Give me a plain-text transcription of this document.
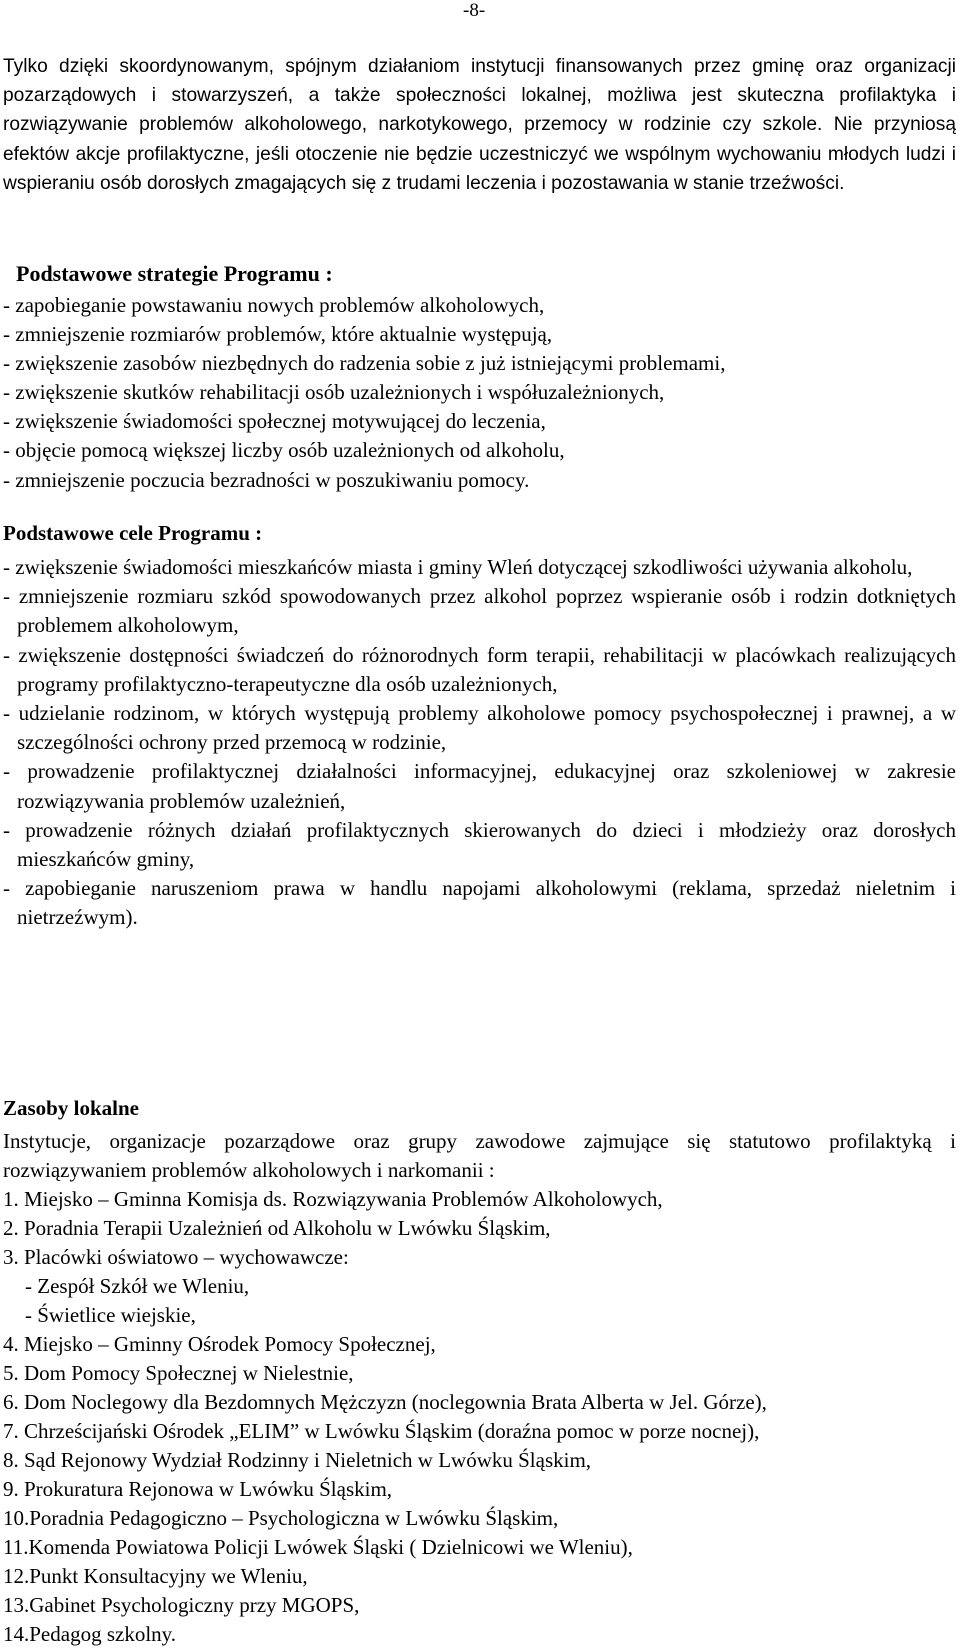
-8-

Tylko dzięki skoordynowanym, spójnym działaniom instytucji finansowanych przez gminę oraz organizacji pozarządowych i stowarzyszeń, a także społeczności lokalnej, możliwa jest skuteczna profilaktyka i rozwiązywanie problemów alkoholowego, narkotykowego, przemocy w rodzinie czy szkole. Nie przyniosą efektów akcje profilaktyczne, jeśli otoczenie nie będzie uczestniczyć we wspólnym wychowaniu młodych ludzi i wspieraniu osób dorosłych zmagających się z trudami leczenia i pozostawania w stanie trzeźwości.

Podstawowe strategie Programu :
- zapobieganie powstawaniu nowych problemów alkoholowych,
- zmniejszenie rozmiarów problemów, które aktualnie występują,
- zwiększenie zasobów niezbędnych do radzenia sobie z już istniejącymi problemami,
- zwiększenie skutków rehabilitacji osób uzależnionych i współuzależnionych,
- zwiększenie świadomości społecznej motywującej do leczenia,
- objęcie pomocą większej liczby osób uzależnionych od alkoholu,
- zmniejszenie poczucia bezradności w poszukiwaniu pomocy.
Podstawowe cele Programu :
- zwiększenie świadomości mieszkańców miasta i gminy Wleń dotyczącej szkodliwości używania alkoholu,
- zmniejszenie rozmiaru szkód spowodowanych przez alkohol poprzez wspieranie osób i rodzin dotkniętych problemem alkoholowym,
- zwiększenie dostępności świadczeń do różnorodnych form terapii, rehabilitacji w placówkach realizujących programy profilaktyczno-terapeutyczne dla osób uzależnionych,
- udzielanie rodzinom, w których występują problemy alkoholowe pomocy psychospołecznej i prawnej, a w szczególności ochrony przed przemocą w rodzinie,
- prowadzenie profilaktycznej działalności informacyjnej, edukacyjnej oraz szkoleniowej w zakresie rozwiązywania problemów uzależnień,
- prowadzenie różnych działań profilaktycznych skierowanych do dzieci i młodzieży oraz dorosłych mieszkańców gminy,
- zapobieganie naruszeniom prawa w handlu napojami alkoholowymi (reklama, sprzedaż nieletnim i nietrzeźwym).
Zasoby lokalne
Instytucje, organizacje pozarządowe oraz grupy zawodowe zajmujące się statutowo profilaktyką i rozwiązywaniem problemów alkoholowych i narkomanii :
1. Miejsko – Gminna Komisja ds. Rozwiązywania Problemów Alkoholowych,
2. Poradnia Terapii Uzależnień od Alkoholu w Lwówku Śląskim,
3. Placówki oświatowo – wychowawcze:
- Zespół Szkół we Wleniu,
- Świetlice wiejskie,
4. Miejsko – Gminny Ośrodek Pomocy Społecznej,
5. Dom Pomocy Społecznej w Nielestnie,
6. Dom Noclegowy dla Bezdomnych Mężczyzn (noclegownia Brata Alberta w Jel. Górze),
7. Chrześcijański Ośrodek „ELIM” w Lwówku Śląskim (doraźna pomoc w porze nocnej),
8. Sąd Rejonowy Wydział Rodzinny i Nieletnich w Lwówku Śląskim,
9. Prokuratura Rejonowa w Lwówku Śląskim,
10.Poradnia Pedagogiczno – Psychologiczna w Lwówku Śląskim,
11.Komenda Powiatowa Policji Lwówek Śląski ( Dzielnicowi we Wleniu),
12.Punkt Konsultacyjny we Wleniu,
13.Gabinet Psychologiczny przy MGOPS,
14.Pedagog szkolny.
